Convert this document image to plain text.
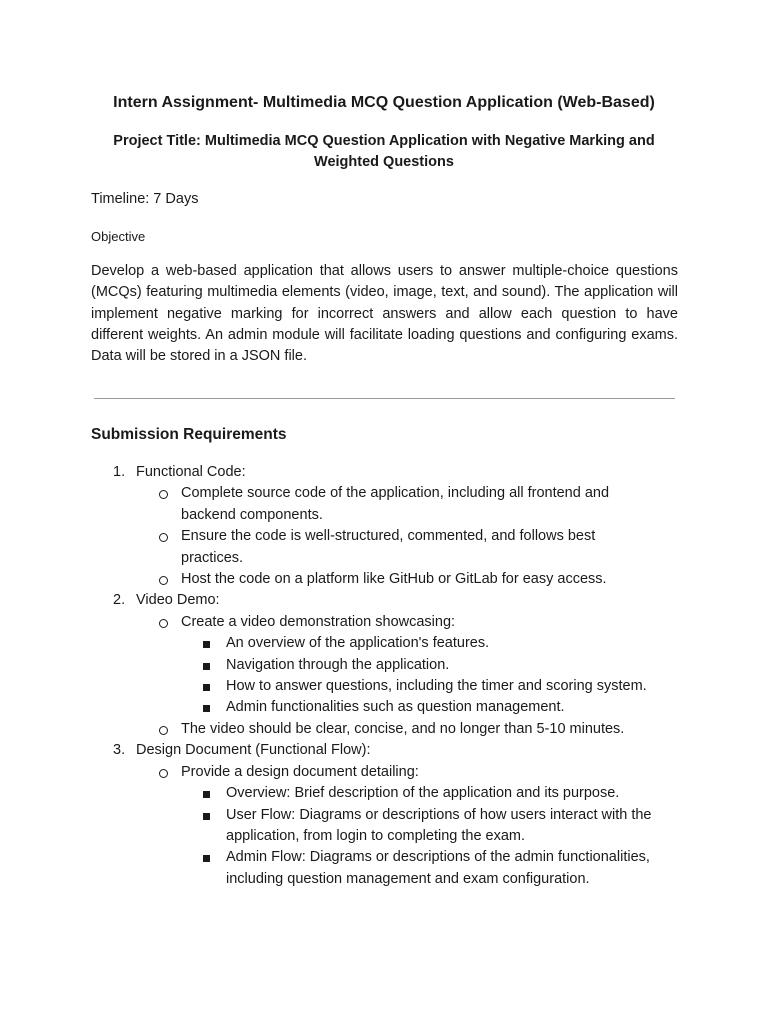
Intern Assignment- Multimedia MCQ Question Application (Web-Based)
Project Title: Multimedia MCQ Question Application with Negative Marking and Weighted Questions
Timeline: 7 Days
Objective
Develop a web-based application that allows users to answer multiple-choice questions (MCQs) featuring multimedia elements (video, image, text, and sound). The application will implement negative marking for incorrect answers and allow each question to have different weights. An admin module will facilitate loading questions and configuring exams. Data will be stored in a JSON file.
Submission Requirements
1. Functional Code:
Complete source code of the application, including all frontend and backend components.
Ensure the code is well-structured, commented, and follows best practices.
Host the code on a platform like GitHub or GitLab for easy access.
2. Video Demo:
Create a video demonstration showcasing:
An overview of the application's features.
Navigation through the application.
How to answer questions, including the timer and scoring system.
Admin functionalities such as question management.
The video should be clear, concise, and no longer than 5-10 minutes.
3. Design Document (Functional Flow):
Provide a design document detailing:
Overview: Brief description of the application and its purpose.
User Flow: Diagrams or descriptions of how users interact with the application, from login to completing the exam.
Admin Flow: Diagrams or descriptions of the admin functionalities, including question management and exam configuration.
